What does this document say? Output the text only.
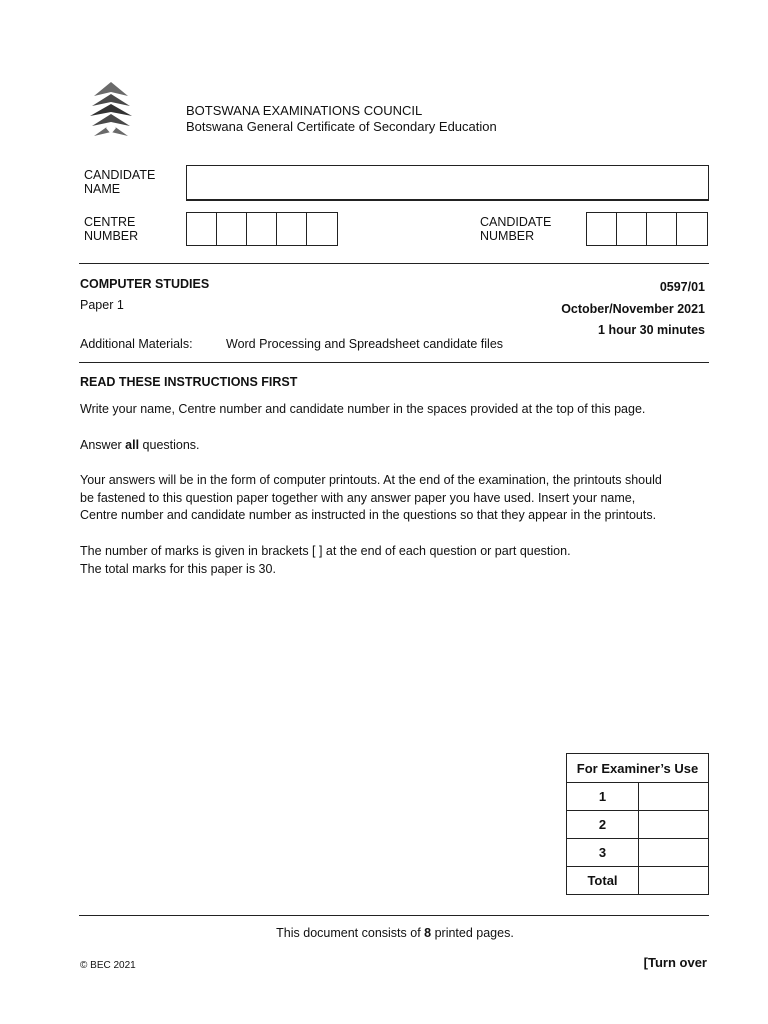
BOTSWANA EXAMINATIONS COUNCIL
Botswana General Certificate of Secondary Education
CANDIDATE
NAME
CENTRE
NUMBER
CANDIDATE
NUMBER
COMPUTER STUDIES
Paper 1
0597/01
October/November 2021
1 hour 30 minutes
Additional Materials:	Word Processing and Spreadsheet candidate files
READ THESE INSTRUCTIONS FIRST

Write your name, Centre number and candidate number in the spaces provided at the top of this page.

Answer all questions.

Your answers will be in the form of computer printouts. At the end of the examination, the printouts should

be fastened to this question paper together with any answer paper you have used. Insert your name,

Centre number and candidate number as instructed in the questions so that they appear in the printouts.

The number of marks is given in brackets [ ] at the end of each question or part question.

The total marks for this paper is 30.

For Examiner’s Use	
1	
2	
3	
Total	
This document consists of 8 printed pages.
© BEC 2021	[Turn over
